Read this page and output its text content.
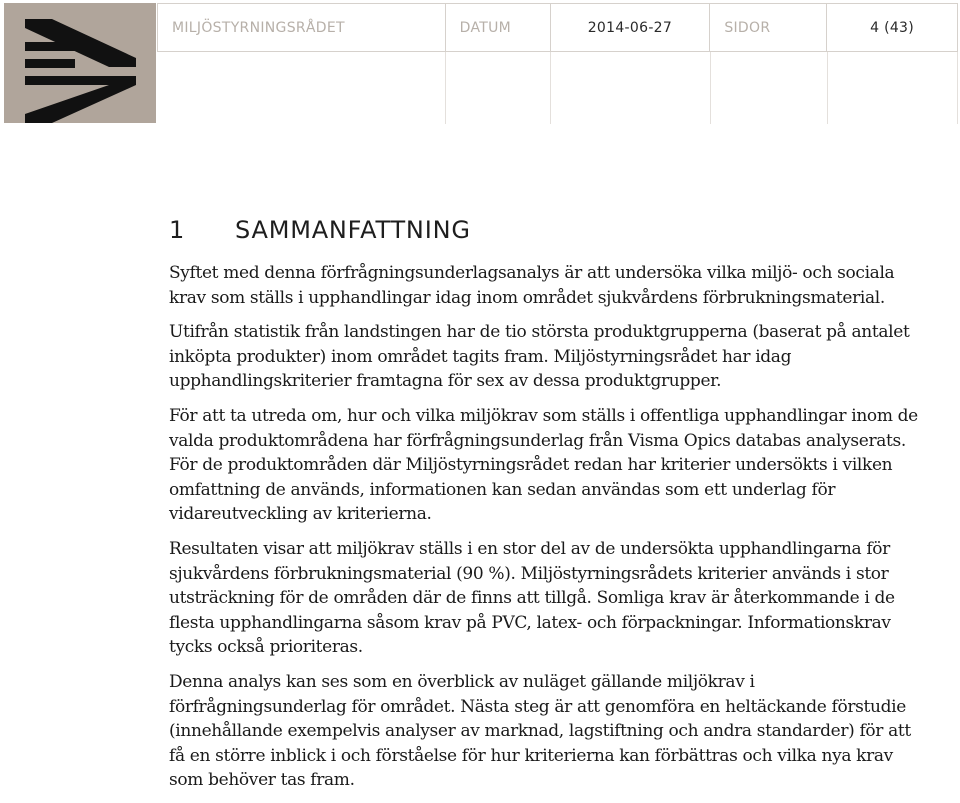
MILJÖSTYRNINGSRÅDET	DATUM	2014-06-27	SIDOR	4 (43)
1 SAMMANFATTNING

Syftet med denna förfrågningsunderlagsanalys är att undersöka vilka miljö- och sociala krav som ställs i upphandlingar idag inom området sjukvårdens förbrukningsmaterial.

Utifrån statistik från landstingen har de tio största produktgrupperna (baserat på antalet inköpta produkter) inom området tagits fram. Miljöstyrningsrådet har idag upphandlingskriterier framtagna för sex av dessa produktgrupper.

För att ta utreda om, hur och vilka miljökrav som ställs i offentliga upphandlingar inom de valda produktområdena har förfrågningsunderlag från Visma Opics databas analyserats. För de produktområden där Miljöstyrningsrådet redan har kriterier undersökts i vilken omfattning de används, informationen kan sedan användas som ett underlag för vidareutveckling av kriterierna.

Resultaten visar att miljökrav ställs i en stor del av de undersökta upphandlingarna för sjukvårdens förbrukningsmaterial (90 %). Miljöstyrningsrådets kriterier används i stor utsträckning för de områden där de finns att tillgå. Somliga krav är återkommande i de flesta upphandlingarna såsom krav på PVC, latex- och förpackningar. Informationskrav tycks också prioriteras.

Denna analys kan ses som en överblick av nuläget gällande miljökrav i förfrågningsunderlag för området. Nästa steg är att genomföra en heltäckande förstudie (innehållande exempelvis analyser av marknad, lagstiftning och andra standarder) för att få en större inblick i och förståelse för hur kriterierna kan förbättras och vilka nya krav som behöver tas fram.
